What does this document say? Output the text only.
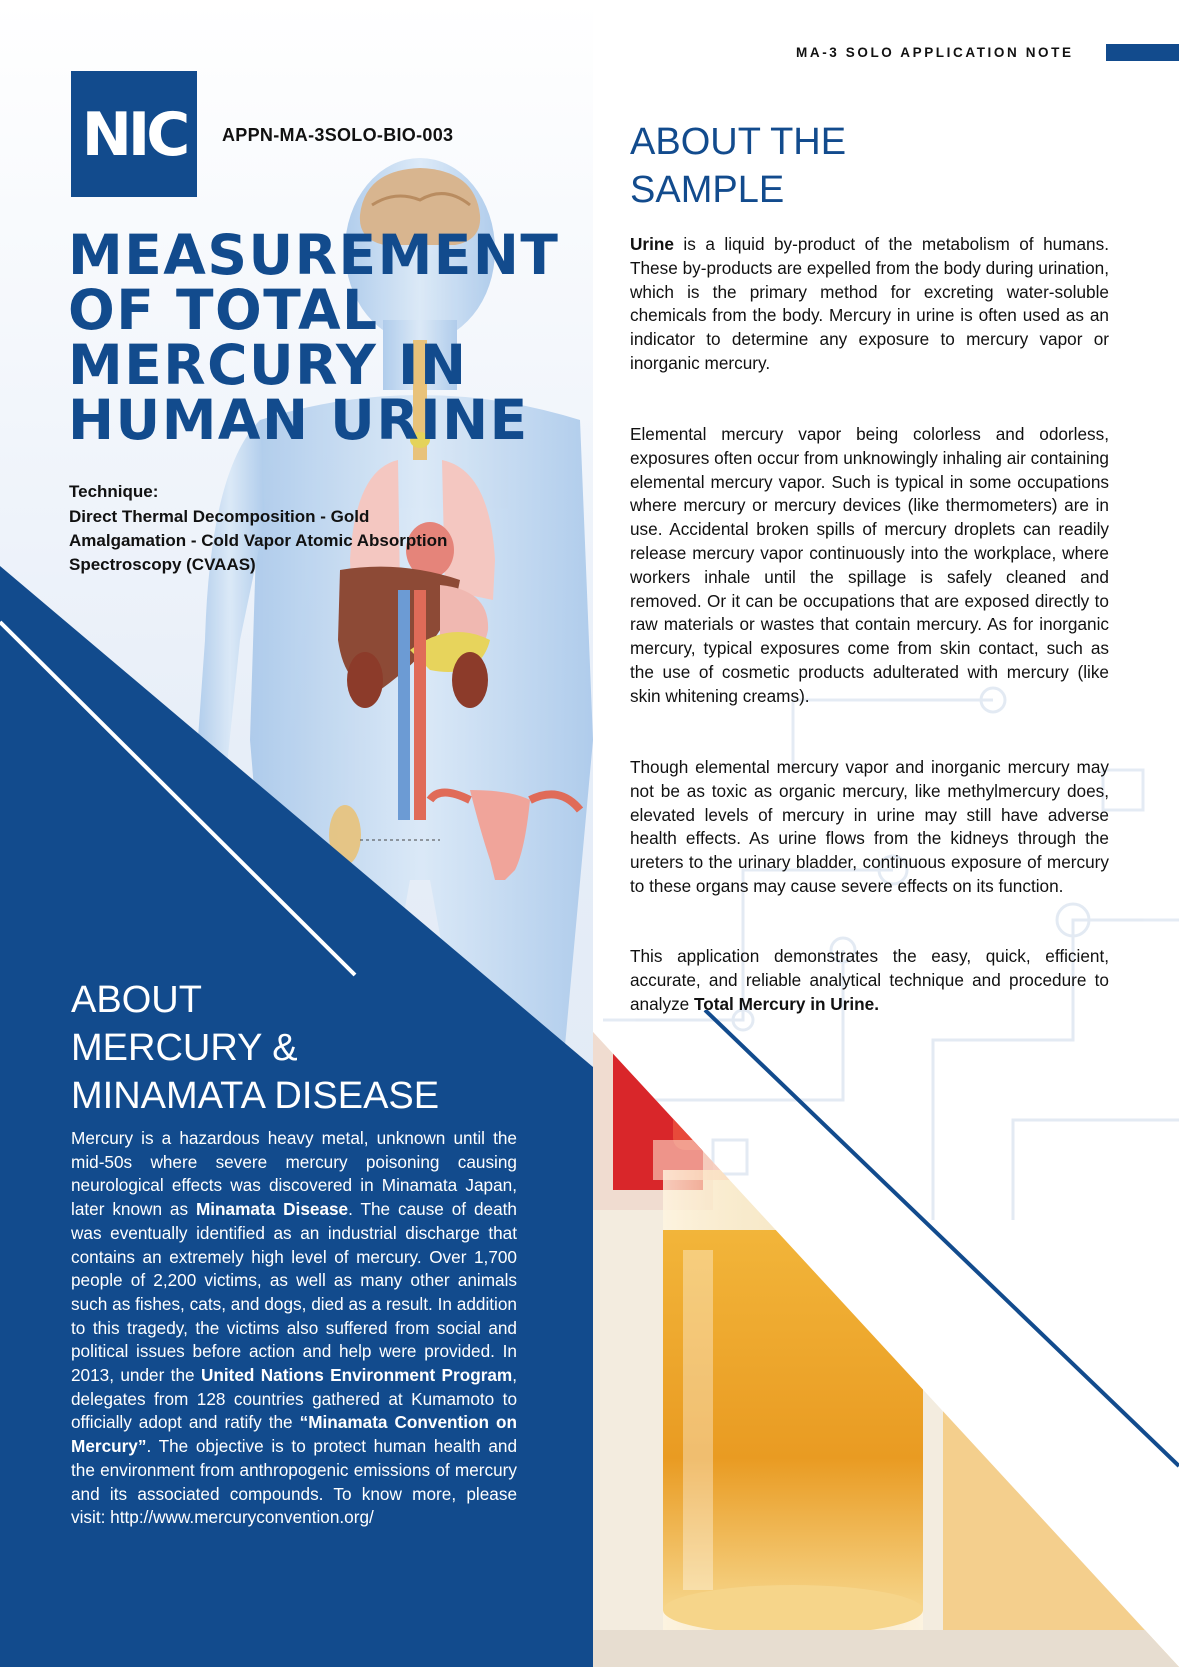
NIC APPN-MA-3SOLO-BIO-003
MEASUREMENT
OF TOTAL
MERCURY IN
HUMAN URINE
Technique:
Direct Thermal Decomposition - Gold Amalgamation - Cold Vapor Atomic Absorption Spectroscopy (CVAAS)
ABOUT
MERCURY &
MINAMATA DISEASE

Mercury is a hazardous heavy metal, unknown until the mid-50s where severe mercury poisoning causing neurological effects was discovered in Minamata Japan, later known as Minamata Disease. The cause of death was eventually identified as an industrial discharge that contains an extremely high level of mercury. Over 1,700 people of 2,200 victims, as well as many other animals such as fishes, cats, and dogs, died as a result. In addition to this tragedy, the victims also suffered from social and political issues before action and help were provided. In 2013, under the United Nations Environment Program, delegates from 128 countries gathered at Kumamoto to officially adopt and ratify the “Minamata Convention on Mercury”. The objective is to protect human health and the environment from anthropogenic emissions of mercury and its associated compounds. To know more, please visit: http://www.mercuryconvention.org/

MA-3 SOLO APPLICATION NOTE
ABOUT THE
SAMPLE

Urine is a liquid by-product of the metabolism of humans. These by-products are expelled from the body during urination, which is the primary method for excreting water-soluble chemicals from the body. Mercury in urine is often used as an indicator to determine any exposure to mercury vapor or inorganic mercury.

Elemental mercury vapor being colorless and odorless, exposures often occur from unknowingly inhaling air containing elemental mercury vapor. Such is typical in some occupations where mercury or mercury devices (like thermometers) are in use. Accidental broken spills of mercury droplets can readily release mercury vapor continuously into the workplace, where workers inhale until the spillage is safely cleaned and removed. Or it can be occupations that are exposed directly to raw materials or wastes that contain mercury. As for inorganic mercury, typical exposures come from skin contact, such as the use of cosmetic products adulterated with mercury (like skin whitening creams).

Though elemental mercury vapor and inorganic mercury may not be as toxic as organic mercury, like methylmercury does, elevated levels of mercury in urine may still have adverse health effects. As urine flows from the kidneys through the ureters to the urinary bladder, continuous exposure of mercury to these organs may cause severe effects on its function.

This application demonstrates the easy, quick, efficient, accurate, and reliable analytical technique and procedure to analyze Total Mercury in Urine.
